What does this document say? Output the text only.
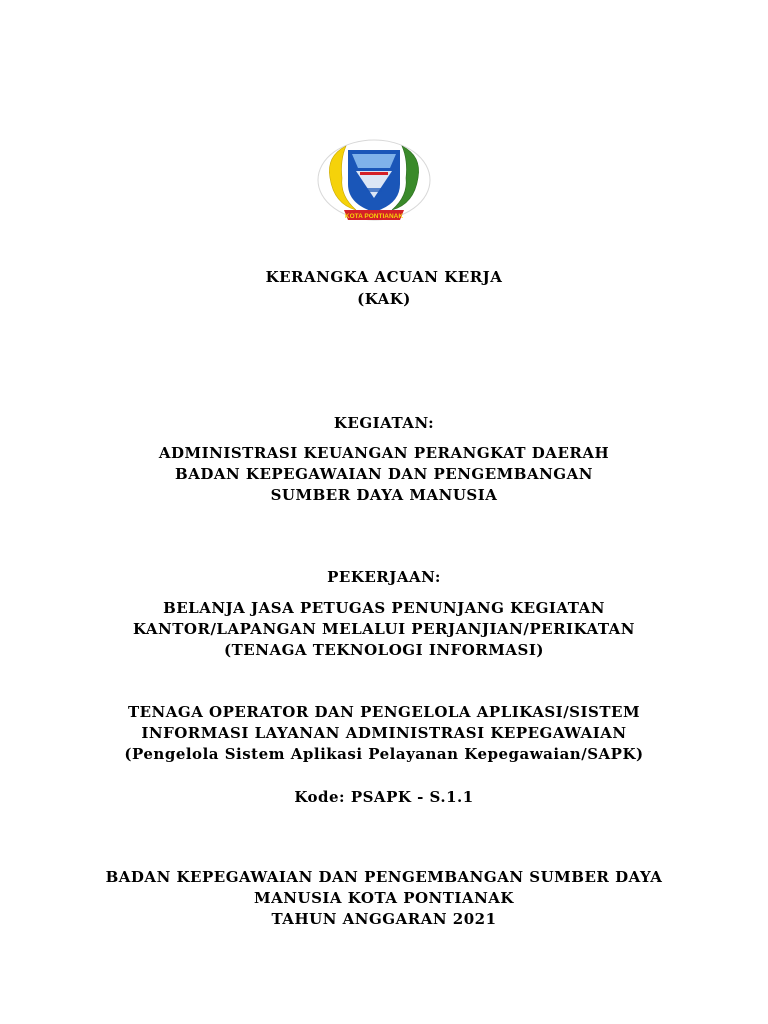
KOTA PONTIANAK
KERANGKA ACUAN KERJA
(KAK)
KEGIATAN:
ADMINISTRASI KEUANGAN PERANGKAT DAERAH
BADAN KEPEGAWAIAN DAN PENGEMBANGAN
SUMBER DAYA MANUSIA
PEKERJAAN:
BELANJA JASA PETUGAS PENUNJANG KEGIATAN
KANTOR/LAPANGAN MELALUI PERJANJIAN/PERIKATAN
(TENAGA TEKNOLOGI INFORMASI)
TENAGA OPERATOR DAN PENGELOLA APLIKASI/SISTEM
INFORMASI LAYANAN ADMINISTRASI KEPEGAWAIAN
(Pengelola Sistem Aplikasi Pelayanan Kepegawaian/SAPK)
Kode: PSAPK - S.1.1
BADAN KEPEGAWAIAN DAN PENGEMBANGAN SUMBER DAYA
MANUSIA KOTA PONTIANAK
TAHUN ANGGARAN 2021
